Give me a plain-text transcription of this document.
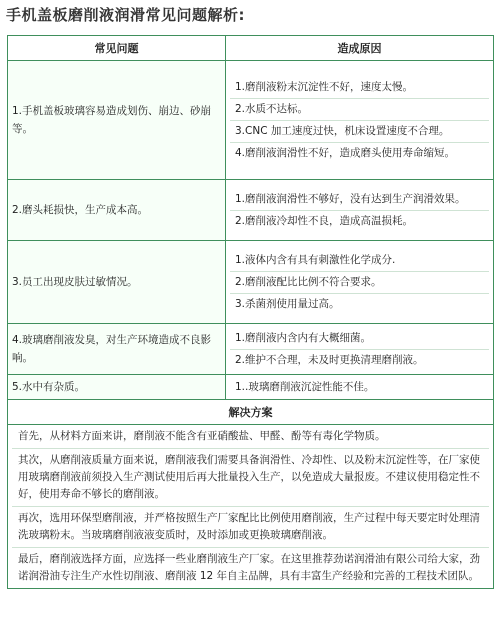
手机盖板磨削液润滑常见问题解析:
常见问题	造成原因
1.手机盖板玻璃容易造成划伤、崩边、砂崩等。	1.磨削液粉末沉淀性不好，速度太慢。
2.水质不达标。
3.CNC 加工速度过快，机床设置速度不合理。
4.磨削液润滑性不好，造成磨头使用寿命缩短。

2.磨头耗损快，生产成本高。	1.磨削液润滑性不够好，没有达到生产润滑效果。
2.磨削液冷却性不良，造成高温损耗。

3.员工出现皮肤过敏情况。	1.液体内含有具有刺激性化学成分.
2.磨削液配比比例不符合要求。
3.杀菌剂使用量过高。

4.玻璃磨削液发臭，对生产环境造成不良影响。	1.磨削液内含内有大概细菌。
2.维护不合理，未及时更换清理磨削液。

5.水中有杂质。	1..玻璃磨削液沉淀性能不佳。

解决方案	

首先，从材料方面来讲，磨削液不能含有亚硝酸盐、甲醛、酚等有毒化学物质。
其次，从磨削液质量方面来说，磨削液我们需要具备润滑性、冷却性、以及粉末沉淀性等，在厂家使用玻璃磨削液前须投入生产测试使用后再大批量投入生产，以免造成大量报废。不建议使用稳定性不好，使用寿命不够长的磨削液。
再次，选用环保型磨削液，并严格按照生产厂家配比比例使用磨削液，生产过程中每天要定时处理清洗玻璃粉末。当玻璃磨削液液变质时，及时添加或更换玻璃磨削液。
最后，磨削液选择方面，应选择一些业磨削液生产厂家。在这里推荐劲诺润滑油有限公司给大家，劲诺润滑油专注生产水性切削液、磨削液 12 年自主品牌，具有丰富生产经验和完善的工程技术团队。	
